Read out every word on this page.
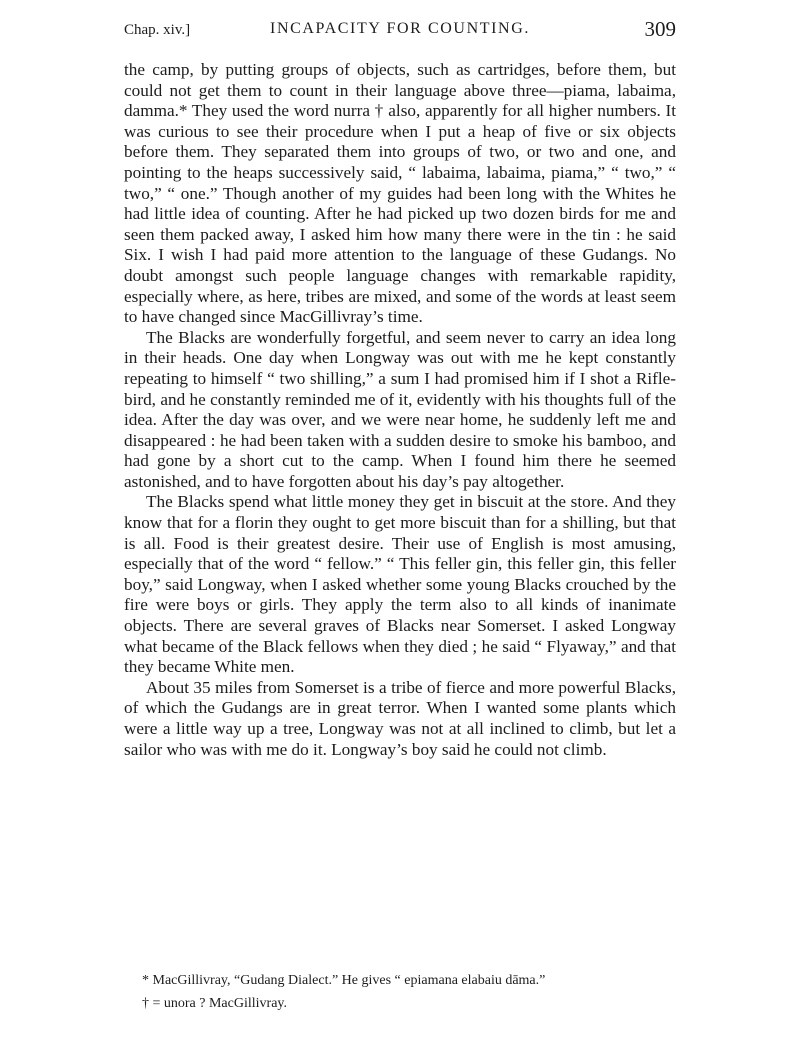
Chap. xiv.]	INCAPACITY FOR COUNTING.	309

the camp, by putting groups of objects, such as cartridges, before them, but could not get them to count in their language above three—piama, labaima, damma.* They used the word nurra † also, apparently for all higher numbers. It was curious to see their procedure when I put a heap of five or six objects before them. They separated them into groups of two, or two and one, and pointing to the heaps successively said, “ labaima, labaima, piama,” “ two,” “ two,” “ one.” Though another of my guides had been long with the Whites he had little idea of counting. After he had picked up two dozen birds for me and seen them packed away, I asked him how many there were in the tin : he said Six. I wish I had paid more attention to the language of these Gudangs. No doubt amongst such people language changes with remarkable rapidity, especially where, as here, tribes are mixed, and some of the words at least seem to have changed since MacGillivray’s time.

The Blacks are wonderfully forgetful, and seem never to carry an idea long in their heads. One day when Longway was out with me he kept constantly repeating to himself “ two shilling,” a sum I had promised him if I shot a Rifle-bird, and he constantly reminded me of it, evidently with his thoughts full of the idea. After the day was over, and we were near home, he suddenly left me and disappeared : he had been taken with a sudden desire to smoke his bamboo, and had gone by a short cut to the camp. When I found him there he seemed astonished, and to have forgotten about his day’s pay altogether.

The Blacks spend what little money they get in biscuit at the store. And they know that for a florin they ought to get more biscuit than for a shilling, but that is all. Food is their greatest desire. Their use of English is most amusing, especially that of the word “ fellow.” “ This feller gin, this feller gin, this feller boy,” said Longway, when I asked whether some young Blacks crouched by the fire were boys or girls. They apply the term also to all kinds of inanimate objects. There are several graves of Blacks near Somerset. I asked Longway what became of the Black fellows when they died ; he said “ Flyaway,” and that they became White men.

About 35 miles from Somerset is a tribe of fierce and more powerful Blacks, of which the Gudangs are in great terror. When I wanted some plants which were a little way up a tree, Longway was not at all inclined to climb, but let a sailor who was with me do it. Longway’s boy said he could not climb.

* MacGillivray, “Gudang Dialect.” He gives “ epiamana elabaiu dāma.”

† = unora ? MacGillivray.
